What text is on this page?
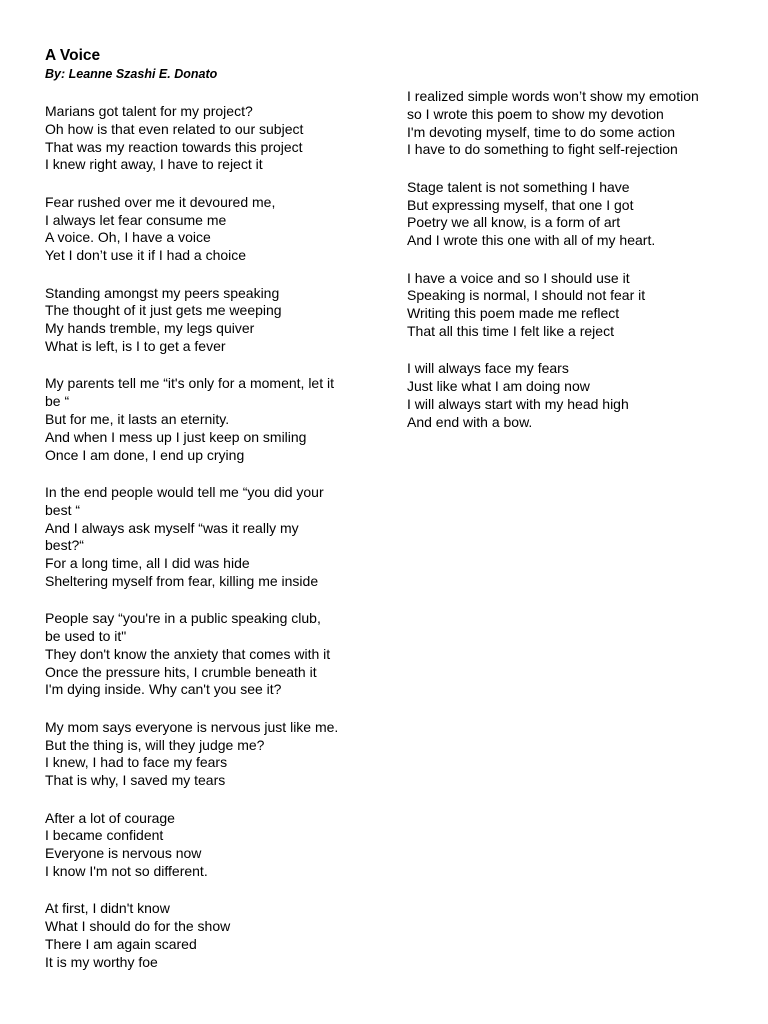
A Voice
By: Leanne Szashi E. Donato
Marians got talent for my project?
Oh how is that even related to our subject
That was my reaction towards this project
I knew right away, I have to reject it
Fear rushed over me it devoured me,
I always let fear consume me
A voice. Oh, I have a voice
Yet I don’t use it if I had a choice
Standing amongst my peers speaking
The thought of it just gets me weeping
My hands tremble, my legs quiver
What is left, is I to get a fever
My parents tell me “it's only for a moment, let it
be “
But for me, it lasts an eternity.
And when I mess up I just keep on smiling
Once I am done, I end up crying
In the end people would tell me “you did your
best “
And I always ask myself “was it really my
best?“
For a long time, all I did was hide
Sheltering myself from fear, killing me inside
People say “you're in a public speaking club,
be used to it"
They don't know the anxiety that comes with it
Once the pressure hits, I crumble beneath it
I'm dying inside. Why can't you see it?
My mom says everyone is nervous just like me.
But the thing is, will they judge me?
I knew, I had to face my fears
That is why, I saved my tears
After a lot of courage
I became confident
Everyone is nervous now
I know I'm not so different.
At first, I didn't know
What I should do for the show
There I am again scared
It is my worthy foe
I realized simple words won’t show my emotion
so I wrote this poem to show my devotion
I'm devoting myself, time to do some action
I have to do something to fight self-rejection
Stage talent is not something I have
But expressing myself, that one I got
Poetry we all know, is a form of art
And I wrote this one with all of my heart.
I have a voice and so I should use it
Speaking is normal, I should not fear it
Writing this poem made me reflect
That all this time I felt like a reject
I will always face my fears
Just like what I am doing now
I will always start with my head high
And end with a bow.
